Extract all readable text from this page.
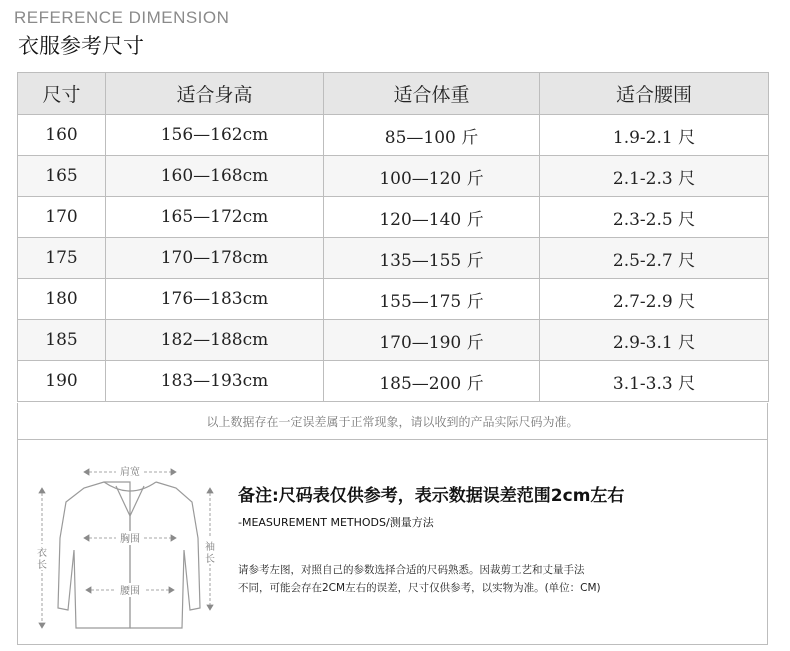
REFERENCE DIMENSION
衣服参考尺寸
尺寸	适合身高	适合体重	适合腰围
160	156—162cm	85—100 斤	1.9-2.1 尺
165	160—168cm	100—120 斤	2.1-2.3 尺
170	165—172cm	120—140 斤	2.3-2.5 尺
175	170—178cm	135—155 斤	2.5-2.7 尺
180	176—183cm	155—175 斤	2.7-2.9 尺
185	182—188cm	170—190 斤	2.9-3.1 尺
190	183—193cm	185—200 斤	3.1-3.3 尺
以上数据存在一定误差属于正常现象，请以收到的产品实际尺码为准。
肩宽
胸围
腰围
衣长
袖长
备注:尺码表仅供参考，表示数据误差范围2cm左右
-MEASUREMENT METHODS/测量方法
请参考左图，对照自己的参数选择合适的尺码熟悉。因裁剪工艺和丈量手法
不同，可能会存在2CM左右的误差，尺寸仅供参考，以实物为准。(单位：CM)
